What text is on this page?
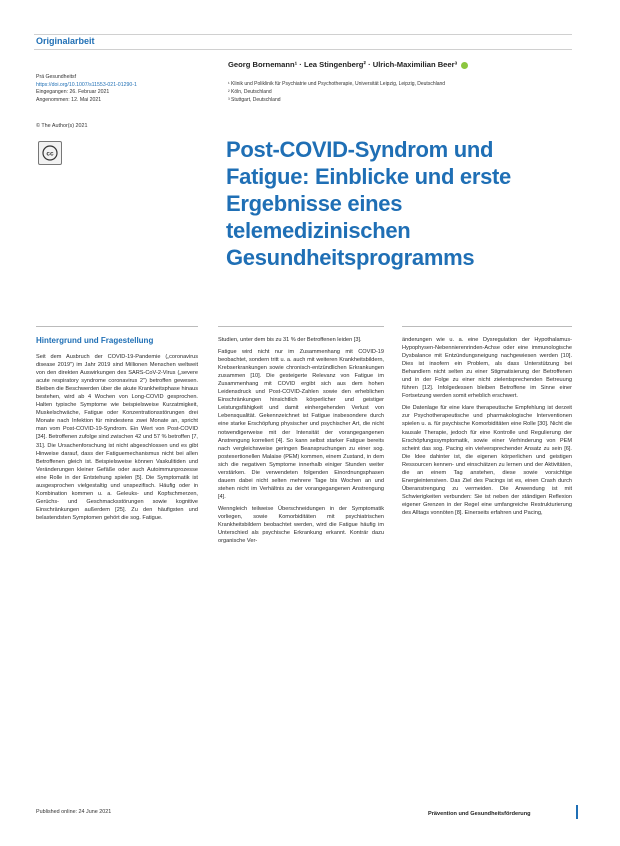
Originalarbeit
Prä Gesundheitsf
https://doi.org/10.1007/s11553-021-01290-1
Eingegangen: 26. Februar 2021
Angenommen: 12. Mai 2021
© The Author(s) 2021
cc
Georg Bornemann¹ · Lea Stingenberg² · Ulrich-Maximilian Beer³
¹ Klinik und Poliklinik für Psychiatrie und Psychotherapie, Universität Leipzig, Leipzig, Deutschland
² Köln, Deutschland
³ Stuttgart, Deutschland
Post-COVID-Syndrom und
Fatigue: Einblicke und erste
Ergebnisse eines
telemedizinischen
Gesundheitsprogramms
Hintergrund und Fragestellung

Seit dem Ausbruch der COVID-19-Pandemie („coronavirus disease 2019") im Jahr 2019 sind Millionen Menschen weltweit von den direkten Auswirkungen des SARS-CoV-2-Virus („severe acute respiratory syndrome coronavirus 2") betroffen gewesen. Bleiben die Beschwerden über die akute Krankheitsphase hinaus bestehen, wird ab 4 Wochen von Long-COVID gesprochen. Halten typische Symptome wie beispielsweise Kurzatmigkeit, Muskelschwäche, Fatigue oder Konzentrationsstörungen drei Monate nach Infektion für mindestens zwei Monate an, spricht man vom Post-COVID-19-Syndrom. Ein Wert von Post-COVID [34]. Betroffenen zufolge sind zwischen 42 und 57 % betroffen [7, 31]. Die Ursachenforschung ist nicht abgeschlossen und es gibt Hinweise darauf, dass der Fatiguemechanismus nicht bei allen Betroffenen gleich ist. Beispielsweise können Vaskulitiden und Veränderungen kleiner Gefäße oder auch Autoimmunprozesse eine Rolle in der Entstehung spielen [5]. Die Symptomatik ist ausgesprochen vielgestaltig und unspezifisch. Häufig oder in Kombination kommen u. a. Geleuks- und Kopfschmerzen, Gerüchs- und Geschmacksstörungen sowie kognitive Einschränkungen außerdem [25]. Zu den häufigsten und belastendsten Symptomen gehört die sog. Fatigue.

Studien, unter dem bis zu 31 % der Betroffenen leiden [3].

Fatigue wird nicht nur im Zusammenhang mit COVID-19 beobachtet, sondern tritt u. a. auch mit weiteren Krankheitsbildern, Krebserkrankungen sowie chronisch-entzündlichen Erkrankungen zusammen [10]. Die gesteigerte Relevanz von Fatigue im Zusammenhang mit COVID ergibt sich aus dem hohen Leidensdruck und Post-COVID-Zahlen sowie den erheblichen Einschränkungen hinsichtlich körperlicher und geistiger Leistungsfähigkeit und damit einhergehenden Verlust von Lebensqualität. Gekennzeichnet ist Fatigue insbesondere durch eine starke Erschöpfung physischer und psychischer Art, die nicht notwendigerweise mit der Intensität der vorangegangenen Anstrengung korreliert [4]. So kann selbst starker Fatigue bereits nach vergleichsweise geringen Beanspruchungen zu einer sog. postexertionellen Malaise (PEM) kommen, einem Zustand, in dem sich die negativen Symptome innerhalb einiger Stunden weiter verstärken. Die verwendeten folgenden Einordnungsphasen dauern dabei nicht selten mehrere Tage bis Wochen an und stehen nicht im Verhältnis zu der vorangegangenen Anstrengung [4].

Wenngleich teilweise Überschneidungen in der Symptomatik vorliegen, sowie Komorbiditäten mit psychiatrischen Krankheitsbildern beobachtet werden, wird die Fatigue häufig im Unterschied als psychische Erkrankung erkannt. Konträr dazu organische Ver-

änderungen wie u. a. eine Dysregulation der Hypothalamus-Hypophysen-Nebennierenrinden-Achse oder eine immunologische Dysbalance mit Entzündungsneigung nachgewiesen werden [10]. Dies ist insofern ein Problem, als dass Unterstützung bei Behandlern nicht selten zu einer Stigmatisierung der Betroffenen und in der Folge zu einer nicht zielentsprechenden Betreuung führen [12]. Infolgedessen bleiben Betroffene im Sinne einer Fortsetzung werden somit erheblich erschwert.

Die Datenlage für eine klare therapeutische Empfehlung ist derzeit zur Psychotherapeutische und pharmakologische Interventionen spielen u. a. für psychische Komorbiditäten eine Rolle [30]. Nicht die kausale Therapie, jedoch für eine Kontrolle und Regulierung der Erschöpfungssymptomatik, sowie einer Verhinderung von PEM scheint das sog. Pacing ein vielversprechender Ansatz zu sein [6]. Die Idee dahinter ist, die eigenen körperlichen und geistigen Ressourcen kennen- und einschätzen zu lernen und der Aktivitäten, die an einem Tag anstehen, diese sowie vorsichtige Energieintensiven. Das Ziel des Pacings ist es, einen Crash durch Überanstrengung zu vermeiden. Die Anwendung ist mit Schwierigkeiten verbunden: Sie ist neben der ständigen Reflexion eigener Grenzen in der Regel eine umfangreiche Restrukturierung des Alltags vonnöten [8]. Einerseits erfahren und Pacing,

Published online: 24 June 2021	Prävention und Gesundheitsförderung
